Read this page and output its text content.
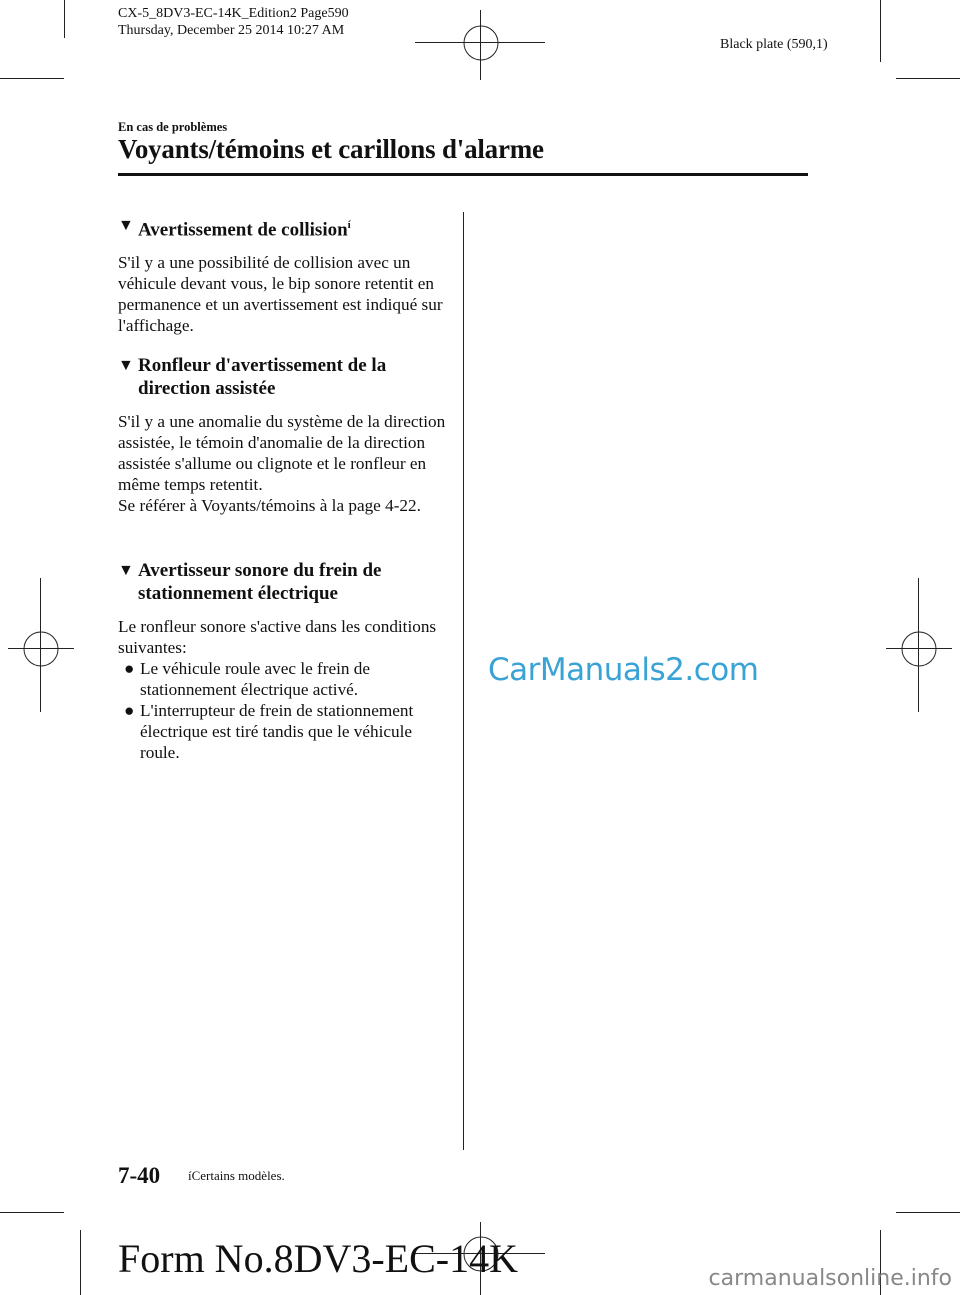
CX-5_8DV3-EC-14K_Edition2 Page590
Thursday, December 25 2014 10:27 AM
Black plate (590,1)
En cas de problèmes
Voyants/témoins et carillons d'alarme
▼ Avertissement de collision$^í$

S'il y a une possibilité de collision avec un véhicule devant vous, le bip sonore retentit en permanence et un avertissement est indiqué sur l'affichage.

▼ Ronfleur d'avertissement de la direction assistée

S'il y a une anomalie du système de la direction assistée, le témoin d'anomalie de la direction assistée s'allume ou clignote et le ronfleur en même temps retentit.

Se référer à Voyants/témoins à la page 4-22.

▼ Avertisseur sonore du frein de stationnement électrique

Le ronfleur sonore s'active dans les conditions suivantes:

● Le véhicule roule avec le frein de stationnement électrique activé.
● L'interrupteur de frein de stationnement électrique est tiré tandis que le véhicule roule.
CarManuals2.com
7-40 íCertains modèles.
Form No.8DV3-EC-14K	carmanualsonline.info
